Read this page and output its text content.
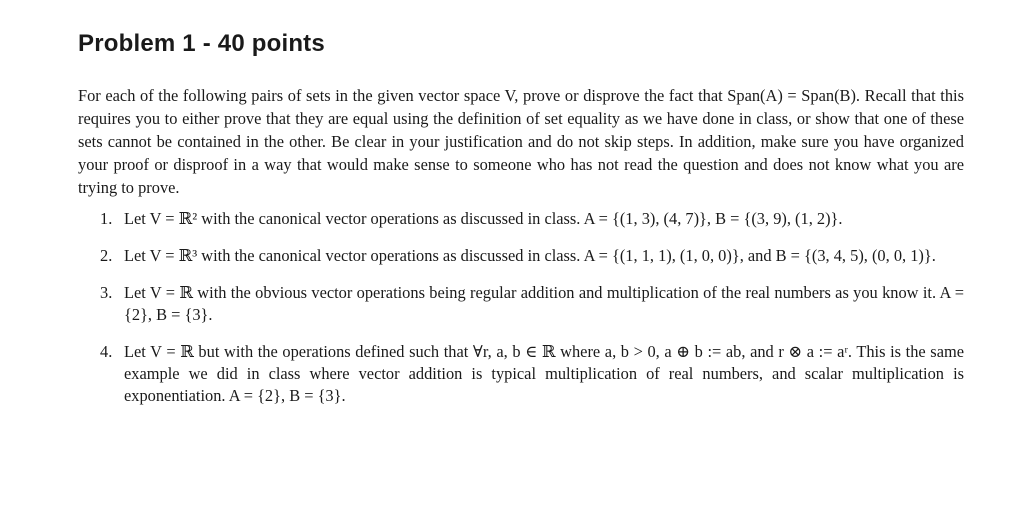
Problem 1 - 40 points

For each of the following pairs of sets in the given vector space V, prove or disprove the fact that Span(A) = Span(B). Recall that this requires you to either prove that they are equal using the definition of set equality as we have done in class, or show that one of these sets cannot be contained in the other. Be clear in your justification and do not skip steps. In addition, make sure you have organized your proof or disproof in a way that would make sense to someone who has not read the question and does not know what you are trying to prove.

1. Let V = ℝ² with the canonical vector operations as discussed in class. A = {(1, 3), (4, 7)}, B = {(3, 9), (1, 2)}.
2. Let V = ℝ³ with the canonical vector operations as discussed in class. A = {(1, 1, 1), (1, 0, 0)}, and B = {(3, 4, 5), (0, 0, 1)}.
3. Let V = ℝ with the obvious vector operations being regular addition and multiplication of the real numbers as you know it. A = {2}, B = {3}.
4. Let V = ℝ but with the operations defined such that ∀r, a, b ∈ ℝ where a, b > 0, a ⊕ b := ab, and r ⊗ a := aʳ. This is the same example we did in class where vector addition is typical multiplication of real numbers, and scalar multiplication is exponentiation. A = {2}, B = {3}.
